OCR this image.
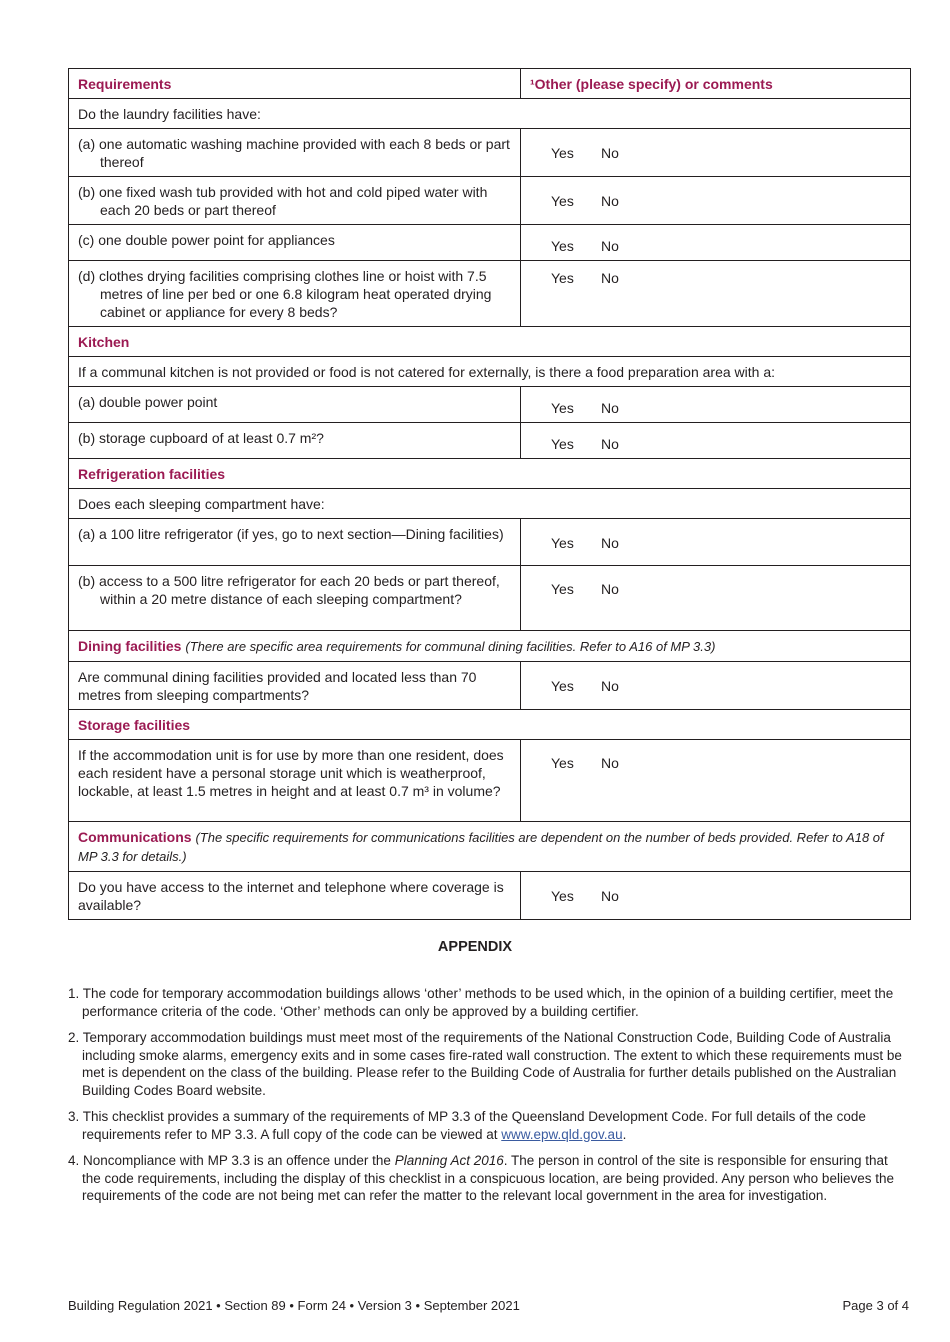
Requirements	¹Other (please specify) or comments
Do the laundry facilities have:	
(a) one automatic washing machine provided with each 8 beds or part thereof	Yes No
(b) one fixed wash tub provided with hot and cold piped water with each 20 beds or part thereof	Yes No
(c) one double power point for appliances	Yes No
(d) clothes drying facilities comprising clothes line or hoist with 7.5 metres of line per bed or one 6.8 kilogram heat operated drying cabinet or appliance for every 8 beds?	Yes No
Kitchen	
If a communal kitchen is not provided or food is not catered for externally, is there a food preparation area with a:	
(a) double power point	Yes No
(b) storage cupboard of at least 0.7 m²?	Yes No
Refrigeration facilities	
Does each sleeping compartment have:	
(a) a 100 litre refrigerator (if yes, go to next section—Dining facilities)	Yes No
(b) access to a 500 litre refrigerator for each 20 beds or part thereof, within a 20 metre distance of each sleeping compartment?	Yes No
Dining facilities (There are specific area requirements for communal dining facilities. Refer to A16 of MP 3.3)	
Are communal dining facilities provided and located less than 70 metres from sleeping compartments?	Yes No
Storage facilities	
If the accommodation unit is for use by more than one resident, does each resident have a personal storage unit which is weatherproof, lockable, at least 1.5 metres in height and at least 0.7 m³ in volume?	Yes No
Communications (The specific requirements for communications facilities are dependent on the number of beds provided. Refer to A18 of MP 3.3 for details.)	
Do you have access to the internet and telephone where coverage is available?	Yes No
APPENDIX
1. The code for temporary accommodation buildings allows ‘other’ methods to be used which, in the opinion of a building certifier, meet the performance criteria of the code. ‘Other’ methods can only be approved by a building certifier.
2. Temporary accommodation buildings must meet most of the requirements of the National Construction Code, Building Code of Australia including smoke alarms, emergency exits and in some cases fire-rated wall construction. The extent to which these requirements must be met is dependent on the class of the building. Please refer to the Building Code of Australia for further details published on the Australian Building Codes Board website.
3. This checklist provides a summary of the requirements of MP 3.3 of the Queensland Development Code. For full details of the code requirements refer to MP 3.3. A full copy of the code can be viewed at www.epw.qld.gov.au.
4. Noncompliance with MP 3.3 is an offence under the Planning Act 2016. The person in control of the site is responsible for ensuring that the code requirements, including the display of this checklist in a conspicuous location, are being provided. Any person who believes the requirements of the code are not being met can refer the matter to the relevant local government in the area for investigation.
Building Regulation 2021 • Section 89 • Form 24 • Version 3 • September 2021	Page 3 of 4
